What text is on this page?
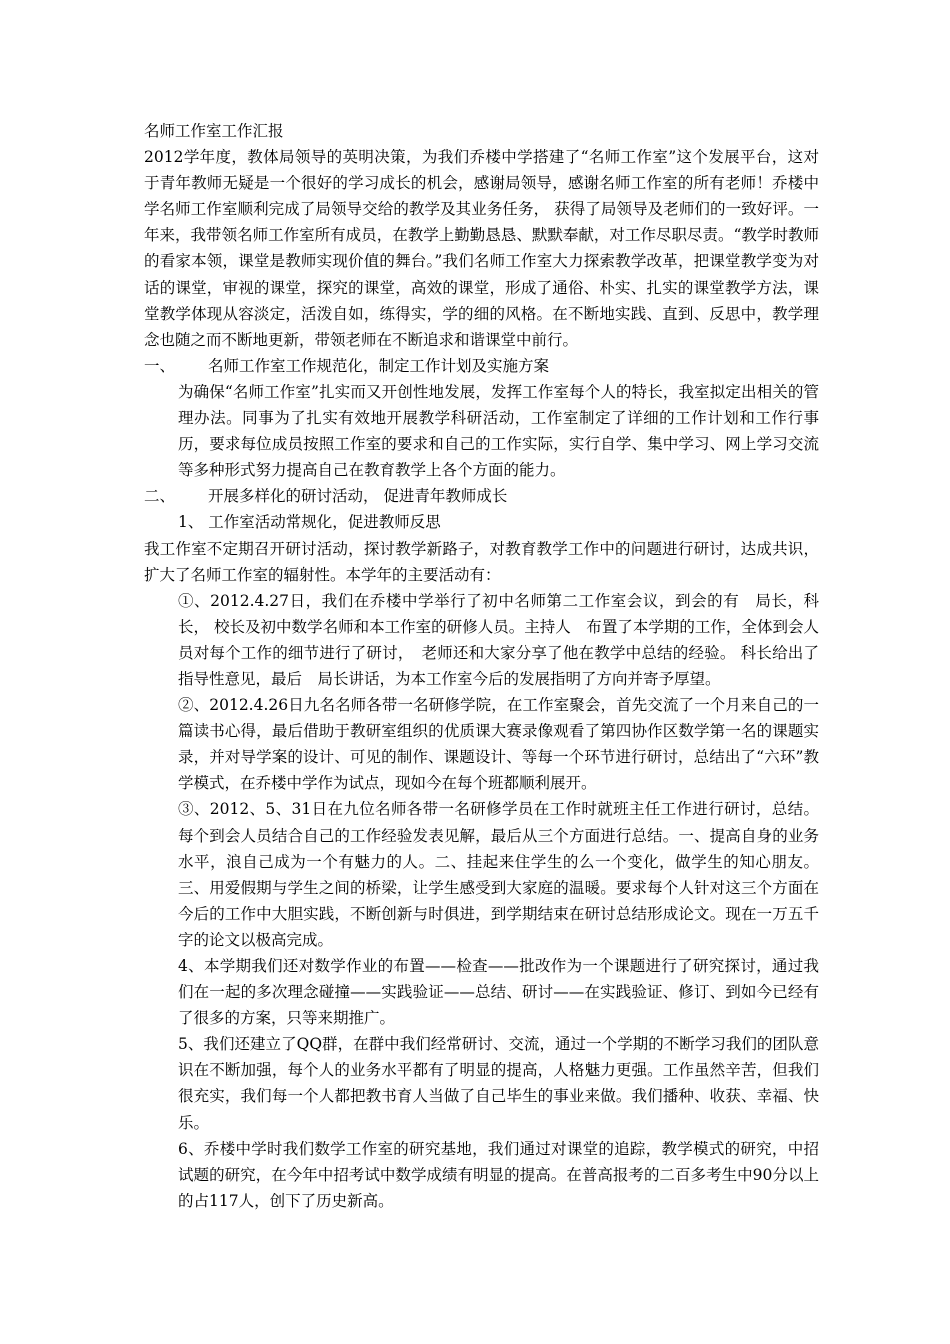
名师工作室工作汇报

2012学年度，教体局领导的英明决策，为我们乔楼中学搭建了“名师工作室”这个发展平台，这对于青年教师无疑是一个很好的学习成长的机会，感谢局领导，感谢名师工作室的所有老师！乔楼中学名师工作室顺利完成了局领导交给的教学及其业务任务， 获得了局领导及老师们的一致好评。一年来，我带领名师工作室所有成员，在教学上勤勤恳恳、默默奉献，对工作尽职尽责。“教学时教师的看家本领，课堂是教师实现价值的舞台。”我们名师工作室大力探索教学改革，把课堂教学变为对话的课堂，审视的课堂，探究的课堂，高效的课堂，形成了通俗、朴实、扎实的课堂教学方法，课堂教学体现从容淡定，活泼自如，练得实，学的细的风格。在不断地实践、直到、反思中，教学理念也随之而不断地更新，带领老师在不断追求和谐课堂中前行。

一、	名师工作室工作规范化，制定工作计划及实施方案

为确保“名师工作室”扎实而又开创性地发展，发挥工作室每个人的特长，我室拟定出相关的管理办法。同事为了扎实有效地开展教学科研活动，工作室制定了详细的工作计划和工作行事历，要求每位成员按照工作室的要求和自己的工作实际，实行自学、集中学习、网上学习交流等多种形式努力提高自己在教育教学上各个方面的能力。

二、	开展多样化的研讨活动， 促进青年教师成长

1、 工作室活动常规化，促进教师反思

我工作室不定期召开研讨活动，探讨教学新路子，对教育教学工作中的问题进行研讨，达成共识，扩大了名师工作室的辐射性。本学年的主要活动有：

①、2012.4.27日，我们在乔楼中学举行了初中名师第二工作室会议，到会的有　局长，科长， 校长及初中数学名师和本工作室的研修人员。主持人　布置了本学期的工作，全体到会人员对每个工作的细节进行了研讨，　老师还和大家分享了他在教学中总结的经验。 科长给出了指导性意见，最后　局长讲话，为本工作室今后的发展指明了方向并寄予厚望。

②、2012.4.26日九名名师各带一名研修学院，在工作室聚会，首先交流了一个月来自己的一篇读书心得，最后借助于教研室组织的优质课大赛录像观看了第四协作区数学第一名的课题实录，并对导学案的设计、可见的制作、课题设计、等每一个环节进行研讨，总结出了“六环”教学模式，在乔楼中学作为试点，现如今在每个班都顺利展开。

③、2012、5、31日在九位名师各带一名研修学员在工作时就班主任工作进行研讨，总结。每个到会人员结合自己的工作经验发表见解，最后从三个方面进行总结。一、提高自身的业务水平，浪自己成为一个有魅力的人。二、挂起来住学生的么一个变化，做学生的知心朋友。三、用爱假期与学生之间的桥梁，让学生感受到大家庭的温暖。要求每个人针对这三个方面在今后的工作中大胆实践，不断创新与时俱进，到学期结束在研讨总结形成论文。现在一万五千字的论文以极高完成。

4、本学期我们还对数学作业的布置——检查——批改作为一个课题进行了研究探讨，通过我们在一起的多次理念碰撞——实践验证——总结、研讨——在实践验证、修订、到如今已经有了很多的方案，只等来期推广。

5、我们还建立了QQ群，在群中我们经常研讨、交流，通过一个学期的不断学习我们的团队意识在不断加强，每个人的业务水平都有了明显的提高，人格魅力更强。工作虽然辛苦，但我们很充实，我们每一个人都把教书育人当做了自己毕生的事业来做。我们播种、收获、幸福、快乐。

6、乔楼中学时我们数学工作室的研究基地，我们通过对课堂的追踪，教学模式的研究，中招试题的研究，在今年中招考试中数学成绩有明显的提高。在普高报考的二百多考生中90分以上的占117人，创下了历史新高。
